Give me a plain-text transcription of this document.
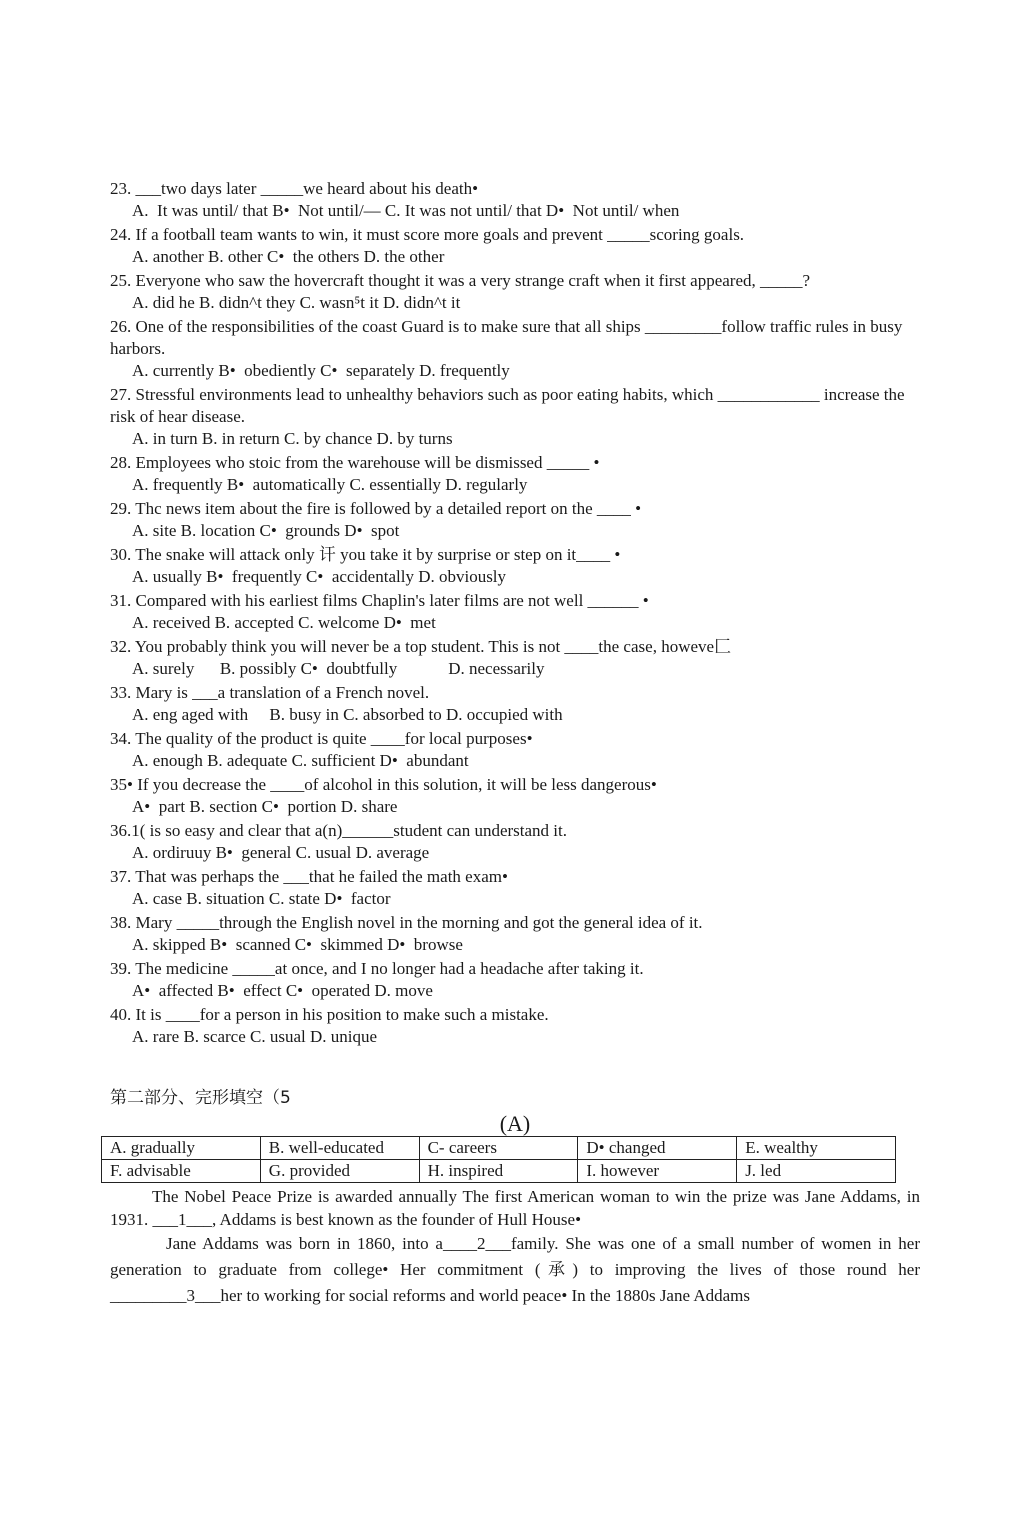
23. ___two days later _____we heard about his death•

A.  It was until/ that B•  Not until/— C. It was not until/ that D•  Not until/ when

24. If a football team wants to win, it must score more goals and prevent _____scoring goals.

A. another B. other C•  the others D. the other

25. Everyone who saw the hovercraft thought it was a very strange craft when it first appeared, _____?

A. did he B. didn^t they C. wasn⁵t it D. didn^t it

26. One of the responsibilities of the coast Guard is to make sure that all ships _________follow traffic rules in busy harbors.

A. currently B•  obediently C•  separately D. frequently

27. Stressful environments lead to unhealthy behaviors such as poor eating habits, which ____________ increase the risk of hear disease.

A. in turn B. in return C. by chance D. by turns

28. Employees who stoic from the warehouse will be dismissed _____ •

A. frequently B•  automatically C. essentially D. regularly

29. Thc news item about the fire is followed by a detailed report on the ____ •

A. site B. location C•  grounds D•  spot

30. The snake will attack only 讦 you take it by surprise or step on it____ •

A. usually B•  frequently C•  accidentally D. obviously

31. Compared with his earliest films Chaplin's later films are not well ______ •

A. received B. accepted C. welcome D•  met

32. You probably think you will never be a top student. This is not ____the case, howeve匚

A. surely      B. possibly C•  doubtfully            D. necessarily

33. Mary is ___a translation of a French novel.

A. eng aged with     B. busy in C. absorbed to D. occupied with

34. The quality of the product is quite ____for local purposes•

A. enough B. adequate C. sufficient D•  abundant

35• If you decrease the ____of alcohol in this solution, it will be less dangerous•

A•  part B. section C•  portion D. share

36.1( is so easy and clear that a(n)______student can understand it.

A. ordiruuy B•  general C. usual D. average

37. That was perhaps the ___that he failed the math exam•

A. case B. situation C. state D•  factor

38. Mary _____through the English novel in the morning and got the general idea of it.

A. skipped B•  scanned C•  skimmed D•  browse

39. The medicine _____at once, and I no longer had a headache after taking it.

A•  affected B•  effect C•  operated D. move

40. It is ____for a person in his position to make such a mistake.

A. rare B. scarce C. usual D. unique

第二部分、完形填空（5
(A)
A. gradually	B. well-educated	C- careers	D• changed	E. wealthy
F. advisable	G. provided	H. inspired	I. however	J. led

The Nobel Peace Prize is awarded annually The first American woman to win the prize was Jane Addams, in 1931. ___1___, Addams is best known as the founder of Hull House•

Jane Addams was born in 1860, into a____2___family. She was one of a small number of women in her generation to graduate from college• Her commitment (承) to improving the lives of those round her _________3___her to working for social reforms and world peace• In the 1880s Jane Addams
